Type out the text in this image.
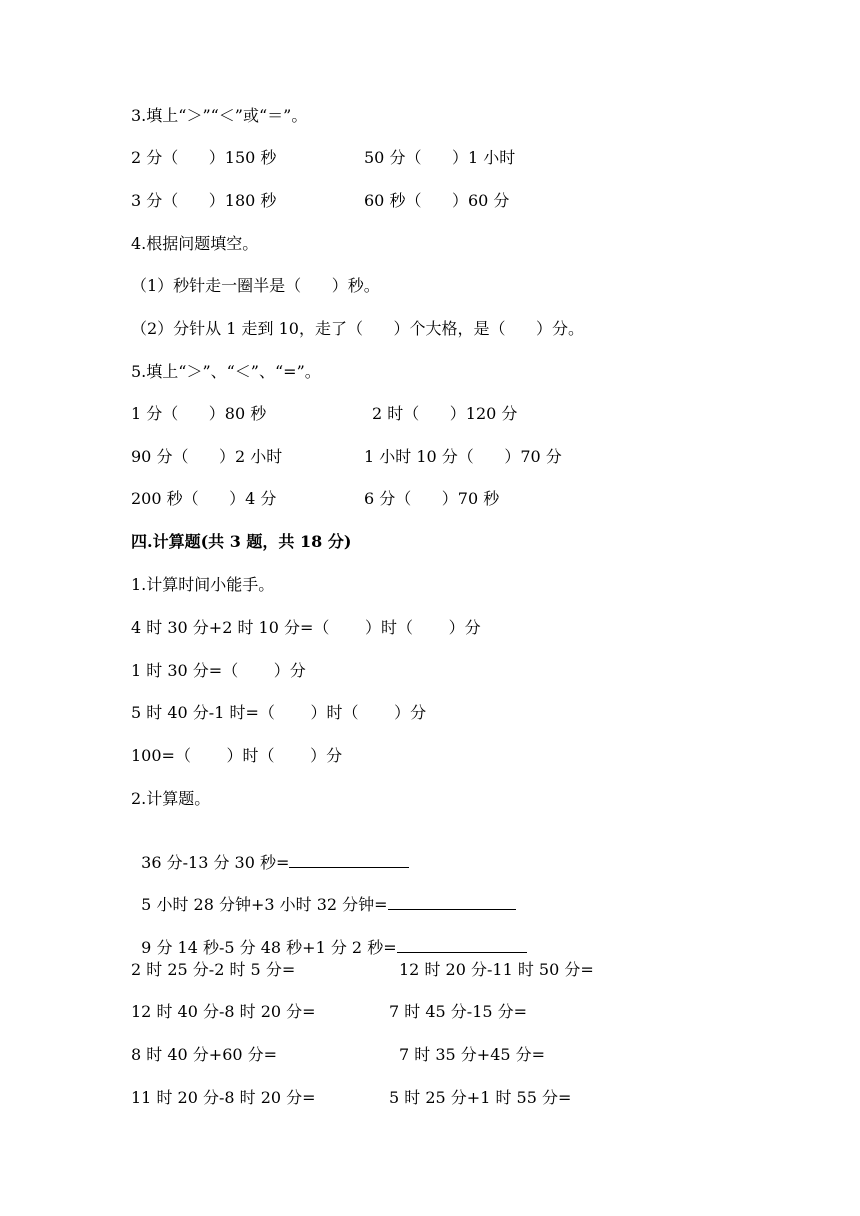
3.填上“＞”“＜”或“＝”。
2 分（      ）150 秒	50 分（      ）1 小时
3 分（      ）180 秒	60 秒（      ）60 分
4.根据问题填空。
（1）秒针走一圈半是（      ）秒。
（2）分针从 1 走到 10，走了（      ）个大格，是（      ）分。
5.填上“＞”、“＜”、“=”。
1 分（      ）80 秒	2 时（      ）120 分
90 分（      ）2 小时	1 小时 10 分（      ）70 分
200 秒（      ）4 分	6 分（      ）70 秒
四.计算题(共 3 题，共 18 分)
1.计算时间小能手。
4 时 30 分+2 时 10 分=（       ）时（       ）分
1 时 30 分=（       ）分
5 时 40 分-1 时=（       ）时（       ）分
100=（       ）时（       ）分
2.计算题。

36 分-13 分 30 秒=

5 小时 28 分钟+3 小时 32 分钟=

9 分 14 秒-5 分 48 秒+1 分 2 秒=

2 时 25 分-2 时 5 分=	12 时 20 分-11 时 50 分=
12 时 40 分-8 时 20 分=	7 时 45 分-15 分=
8 时 40 分+60 分=	7 时 35 分+45 分=
11 时 20 分-8 时 20 分=	5 时 25 分+1 时 55 分=
